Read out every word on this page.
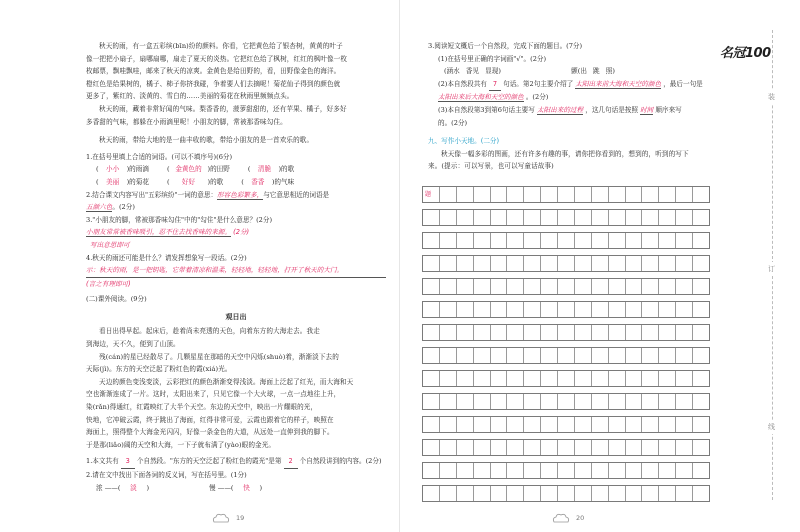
秋天的雨，有一盒五彩缤(bīn)纷的颜料。你看，它把黄色给了银杏树，黄黄的叶子
像一把把小扇子，扇哪扇哪，扇走了夏天的炎热。它把红色给了枫树，红红的枫叶像一枚
枚邮票，飘哇飘哇，邮来了秋天的凉爽。金黄色是给田野的，看，田野像金色的海洋。
橙红色是给果树的，橘子、柿子你挤我碰，争着要人们去摘呢！菊花仙子得到的颜色就
更多了，紫红的、淡黄的、雪白的……美丽的菊花在秋雨里频频点头。
秋天的雨，藏着非常好闻的气味。梨香香的，菠萝甜甜的，还有苹果、橘子，好多好
多香甜的气味，都躲在小雨滴里呢！小朋友的脚，常被那香味勾住。
秋天的雨，带给大地的是一曲丰收的歌，带给小朋友的是一首欢乐的歌。
1.在括号里填上合适的词语。(可以不填序号)(6分)
( 小小 )的雨滴	( 金黄色的 )的田野	( 清脆 )的歌
( 美丽 )的菊花	( 好好 )的歌	( 香香 )的气味
2.结合课文内容写出"五彩缤纷"一词的意思：形容色彩繁多，与它意思相近的词语是
五颜六色。(2分)
3."小朋友的脚，常被那香味勾住"中的"勾住"是什么意思？(2分)
小朋友常常被香味吸引，忍不住去找香味的来源。 (2分)
写出意思即可
4.秋天的雨还可能是什么？请发挥想象写一段话。(2分)
示：秋天的雨，是一把钥匙，它带着清凉和温柔，轻轻地，轻轻地，打开了秋天的大门。
(言之有理即可)
(二)课外阅读。(9分)
观日出
看日出得早起。起床后，趁着尚未亮透的天色，向着东方的大海走去。我走
到海边，天不久，便到了山顶。
残(cán)的星已经散尽了。几颗星星在那暗的天空中闪烁(shuò)着，渐渐淡下去的
天际(jì)。东方的天空泛起了粉红色的霞(xiá)光。
天边的颜色变浅变淡，云彩把红的颜色渐渐变得浅淡。海面上泛起了红光，而大海和天
空也渐渐连成了一片。这时，太阳出来了，只见它像一个大火球，一点一点地往上升，
染(rǎn)得通红，红霞映红了大半个天空。东边的天空中，映出一片耀眼的光，
快地，它冲破云霞，终于跳出了海面，红得非常可爱，云霞也跟着它的样子，映照在
海面上，照得整个大海金光闪闪，好像一条金色的大道，从远处一直伸到我的脚下。
于是那(liǎo)阔的天空和大海，一下子就布满了(yào)眼的金光。
1.本文共有 3 个自然段。"东方的天空泛起了粉红色的霞光"是第 2 个自然段讲到的内容。(2分)
2.请在文中找出下面各词的反义词，写在括号里。(1分)
浓 ——( 淡 )	慢 ——( 快 )
19
3.阅读短文概后一个自然段，完成下面的题目。(7分)
(1)在括号里正确的字词画"√"。(2分)
(涵水 香见 显现)	颤(出 跳 照)
(2)本自然段共有 7 句话。第2句主要介绍了 太阳出来前大海和天空的颜色 ，最后一句是
太阳出来后大海和天空的颜色 。(2分)
(3)本自然段第3到第6句话主要写 太阳出来的过程 ，这几句话是按照 时间 顺序来写
的。(2分)
九、写作小天地。(二分)
秋天像一幅多彩的图画，还有许多有趣的事，请你把你看到的，想到的，听到的写下
来。(提示：可以写景，也可以写童话故事)
20
题
装
订
线
名冠100
